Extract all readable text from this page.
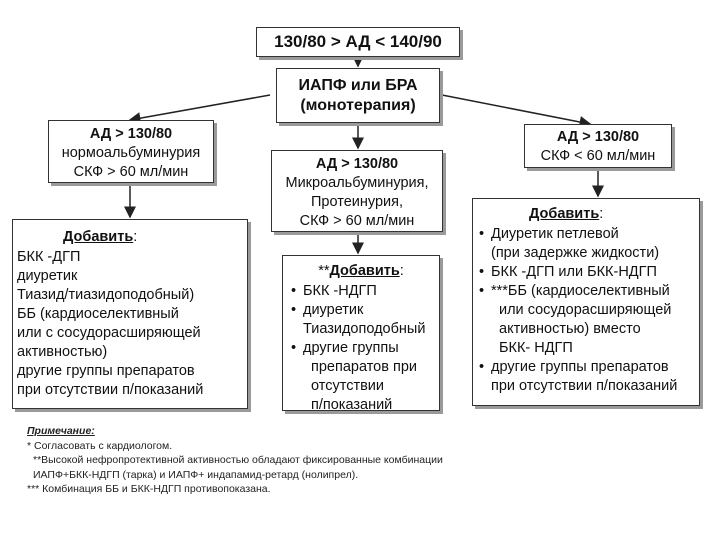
130/80 > АД < 140/90
ИАПФ или БРА
(монотерапия)
АД > 130/80
нормоальбуминурия
СКФ > 60 мл/мин	АД > 130/80
Микроальбуминурия,
Протеинурия,
СКФ > 60 мл/мин
АД > 130/80
СКФ < 60 мл/мин
Добавить:
БКК -ДГП
диуретик
Тиазид/тиазидоподобный)
ББ (кардиоселективный
или с сосудорасширяющей
активностью)
другие группы препаратов
при отсутствии п/показаний
**Добавить:
• БКК -НДГП
• диуретик
Тиазидоподобный
• другие группы
препаратов при
отсутствии
п/показаний
Добавить:
• Диуретик петлевой
(при задержке жидкости)
• БКК -ДГП или БКК-НДГП
• ***ББ (кардиоселективный
или сосудорасширяющей
активностью) вместо
БКК- НДГП
• другие группы препаратов
при отсутствии п/показаний
Примечание:
* Согласовать с кардиологом.
**Высокой нефропротективной активностью обладают фиксированные комбинации
ИАПФ+БКК-НДГП (тарка) и ИАПФ+ индапамид-ретард (нолипрел).
*** Комбинация ББ и БКК-НДГП противопоказана.
